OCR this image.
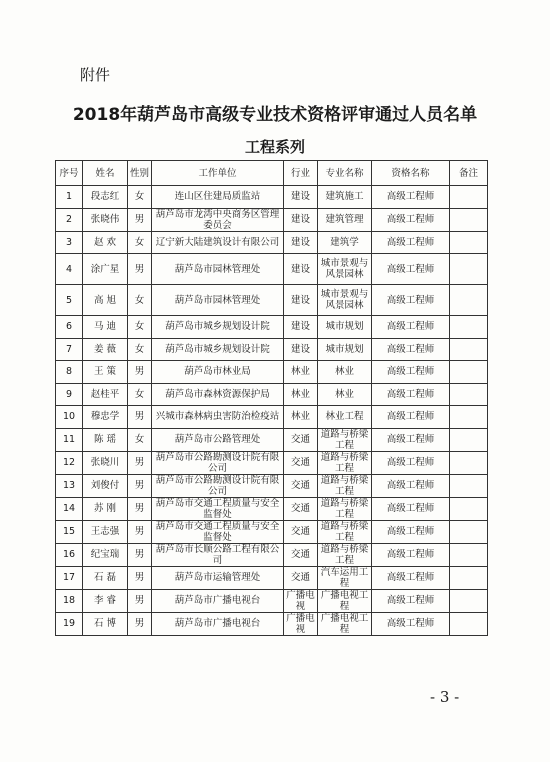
附件
2018年葫芦岛市高级专业技术资格评审通过人员名单
工程系列
序号	姓名	性别	工作单位	行业	专业名称	资格名称	备注
1	段志红	女	连山区住建局质监站	建设	建筑施工	高级工程师	
2	张晓伟	男	葫芦岛市龙湾中央商务区管理委员会	建设	建筑管理	高级工程师	
3	赵 欢	女	辽宁新大陆建筑设计有限公司	建设	建筑学	高级工程师	
4	涂广星	男	葫芦岛市园林管理处	建设	城市景观与风景园林	高级工程师	
5	高 旭	女	葫芦岛市园林管理处	建设	城市景观与风景园林	高级工程师	
6	马 迪	女	葫芦岛市城乡规划设计院	建设	城市规划	高级工程师	
7	姜 薇	女	葫芦岛市城乡规划设计院	建设	城市规划	高级工程师	
8	王 策	男	葫芦岛市林业局	林业	林业	高级工程师	
9	赵桂平	女	葫芦岛市森林资源保护局	林业	林业	高级工程师	
10	穆忠学	男	兴城市森林病虫害防治检疫站	林业	林业工程	高级工程师	
11	陈 瑶	女	葫芦岛市公路管理处	交通	道路与桥梁工程	高级工程师	
12	张晓川	男	葫芦岛市公路勘测设计院有限公司	交通	道路与桥梁工程	高级工程师	
13	刘俊付	男	葫芦岛市公路勘测设计院有限公司	交通	道路与桥梁工程	高级工程师	
14	苏 刚	男	葫芦岛市交通工程质量与安全监督处	交通	道路与桥梁工程	高级工程师	
15	王志强	男	葫芦岛市交通工程质量与安全监督处	交通	道路与桥梁工程	高级工程师	
16	纪宝瑞	男	葫芦岛市长顺公路工程有限公司	交通	道路与桥梁工程	高级工程师	
17	石 磊	男	葫芦岛市运输管理处	交通	汽车运用工程	高级工程师	
18	李 睿	男	葫芦岛市广播电视台	广播电视	广播电视工程	高级工程师	
19	石 博	男	葫芦岛市广播电视台	广播电视	广播电视工程	高级工程师	
- 3 -
